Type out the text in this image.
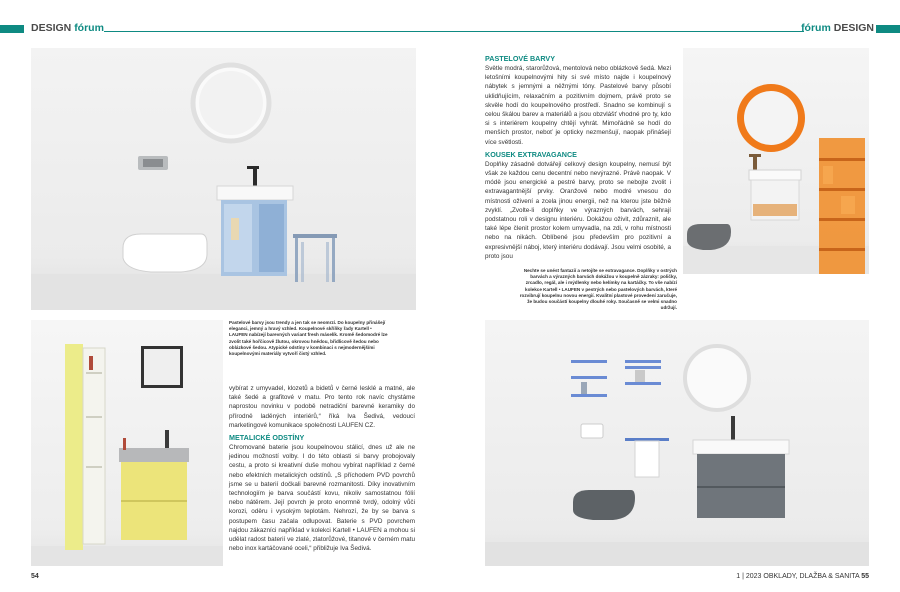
DESIGN fórum	fórum DESIGN
Pastelové barvy jsou trendy a jen tak se neomrzí. Do koupelny přinášejí eleganci, jemný a hravý vzhled. Koupelnové skříňky řady Kartell • LAUFEN nabízejí barevných variant fresh máselík. Kromě šedomodré lze zvolit také hořčicově žlutou, okrovou hnědou, břidlicově šedou nebo oblázkové šedou. Atypické odstíny v kombinaci s nejmodernějšími koupelnovými materiály vytvoří čistý vzhled.
Nechte se unést fantazií a netojíte se extravagance. Doplňky v ostrých barvách a výrazných barvách dokážou v koupelně zázraky: poličky, zrcadlo, regál, ale i mýdlenky nebo kelímky na kartáčky. To vše nabízí kolekce Kartell • LAUFEN v pestrých nebo pastelových barvách, které rozvibrují koupelnu novou energií. Kvalitní plastové provedení zaručuje, že budou součástí koupelny dlouhé roky. Současně se velmi snadno udržují.
PASTELOVÉ BARVY

Světle modrá, starorůžová, mentolová nebo oblázkově šedá. Mezi letošními koupelnovými hity si své místo najde i koupelnový nábytek s jemnými a něžnými tóny. Pastelové barvy působí uklidňujícím, relaxačním a pozitivním dojmem, právě proto se skvěle hodí do koupelnového prostředí. Snadno se kombinují s celou škálou barev a materiálů a jsou obzvlášť vhodné pro ty, kdo si s interiérem koupelny chtějí vyhrát. Mimořádně se hodí do menších prostor, neboť je opticky nezmenšují, naopak přinášejí více světlosti.

KOUSEK EXTRAVAGANCE

Doplňky zásadně dotvářejí celkový design koupelny, nemusí být však ze každou cenu decentní nebo nevýrazné. Právě naopak. V módě jsou energické a pestré barvy, proto se nebojte zvolit i extravagantnější prvky. Oranžové nebo modré vnesou do místnosti oživení a zcela jinou energii, než na kterou jste běžně zvyklí. „Zvolte-li doplňky ve výrazných barvách, sehrají podstatnou roli v designu interiéru. Dokážou oživit, zdůraznit, ale také lépe členit prostor kolem umyvadla, na zdi, v rohu místnosti nebo na nikách. Oblíbené jsou především pro pozitivní a expresivnější náboj, který interiéru dodávají. Jsou velmi osobité, a proto jsou

vybírat z umyvadel, klozetů a bidetů v černé lesklé a matné, ale také šedé a grafitové v matu. Pro tento rok navíc chystáme naprostou novinku v podobě netradiční barevné keramiky do přírodně laděných interiérů,“ říká Iva Šedivá, vedoucí marketingové komunikace společnosti LAUFEN CZ.

METALICKÉ ODSTÍNY

Chromované baterie jsou koupelnovou stálicí, dnes už ale ne jedinou možností volby. I do této oblasti si barvy probojovaly cestu, a proto si kreativní duše mohou vybírat například z černé nebo efektních metalických odstínů. „S příchodem PVD povrchů jsme se u baterií dočkali barevné rozmanitosti. Díky inovativním technologiím je barva součástí kovu, nikoliv samostatnou fólií nebo nátěrem. Její povrch je proto enormně tvrdý, odolný vůči korozi, oděru i vysokým teplotám. Nehrozí, že by se barva s postupem času začala odlupovat. Baterie s PVD povrchem najdou zákazníci například v kolekci Kartell • LAUFEN a mohou si udělat radost baterií ve zlaté, zlatorůžové, titanové v černém matu nebo inox kartáčované oceli,“ přibližuje Iva Šedivá.

54	1 | 2023 OBKLADY, DLAŽBA & SANITA 55
